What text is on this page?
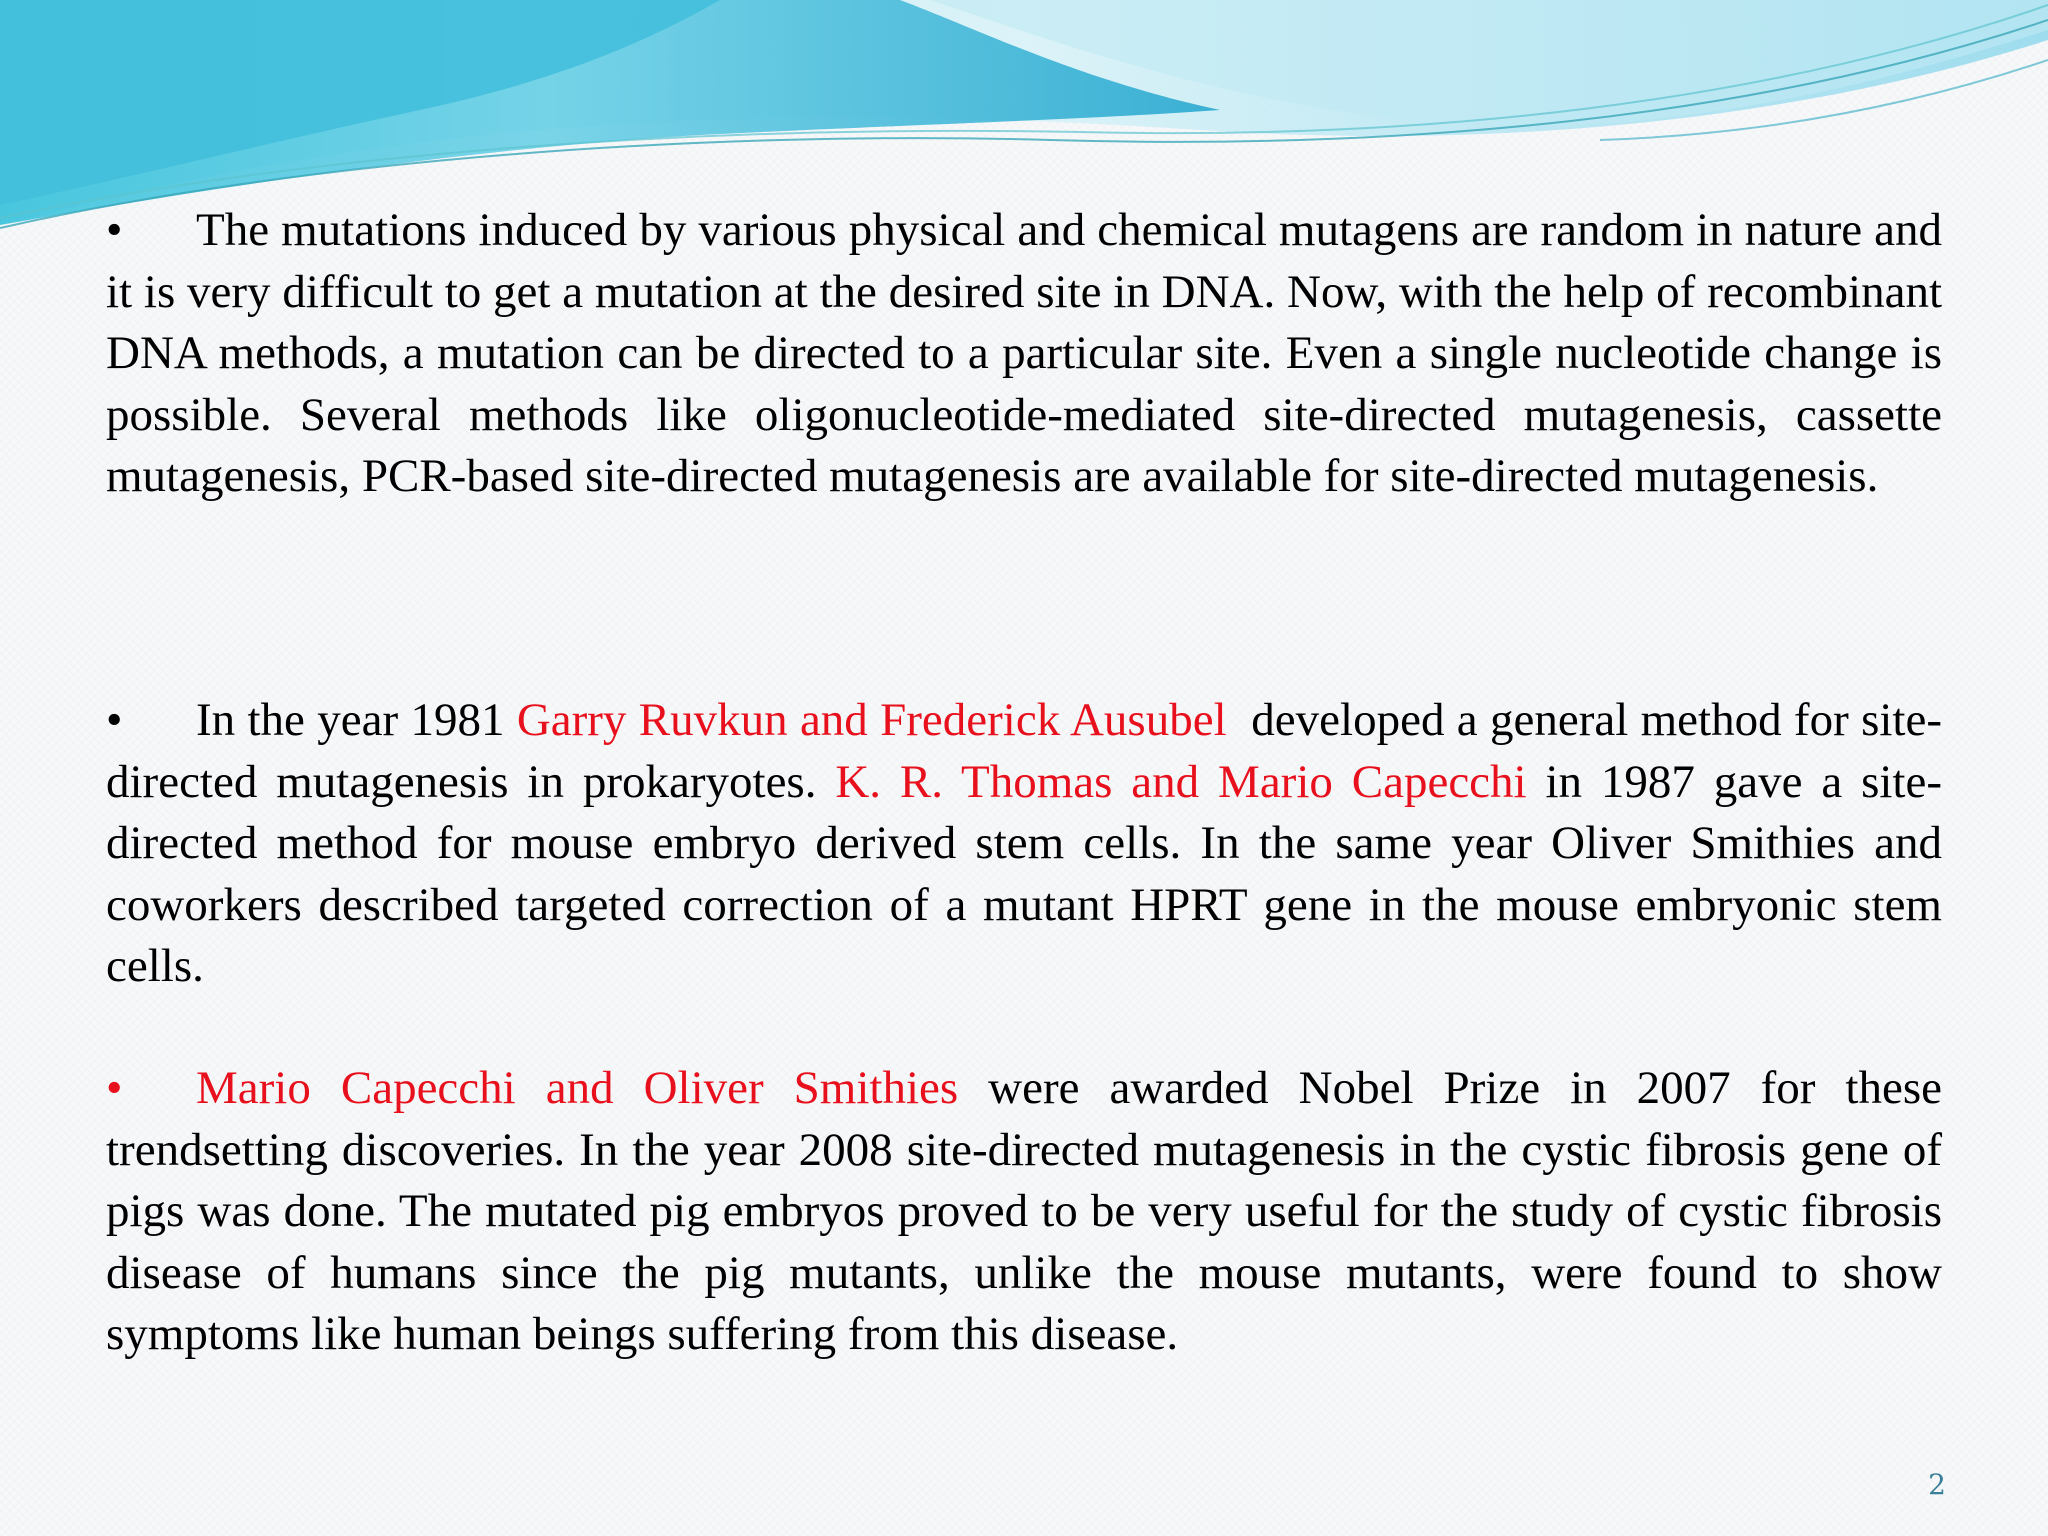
• The mutations induced by various physical and chemical mutagens are random in nature and it is very difficult to get a mutation at the desired site in DNA. Now, with the help of recombinant DNA methods, a mutation can be directed to a particular site. Even a single nucleotide change is possible. Several methods like oligonucleotide-mediated site-directed mutagenesis, cassette mutagenesis, PCR-based site-directed mutagenesis are available for site-directed mutagenesis.

• In the year 1981 Garry Ruvkun and Frederick Ausubel  developed a general method for site-directed mutagenesis in prokaryotes. K. R. Thomas and Mario Capecchi in 1987 gave a site-directed method for mouse embryo derived stem cells. In the same year Oliver Smithies and coworkers described targeted correction of a mutant HPRT gene in the mouse embryonic stem cells.

• Mario Capecchi and Oliver Smithies were awarded Nobel Prize in 2007 for these trendsetting discoveries. In the year 2008 site-directed mutagenesis in the cystic fibrosis gene of pigs was done. The mutated pig embryos proved to be very useful for the study of cystic fibrosis disease of humans since the pig mutants, unlike the mouse mutants, were found to show symptoms like human beings suffering from this disease.

2
